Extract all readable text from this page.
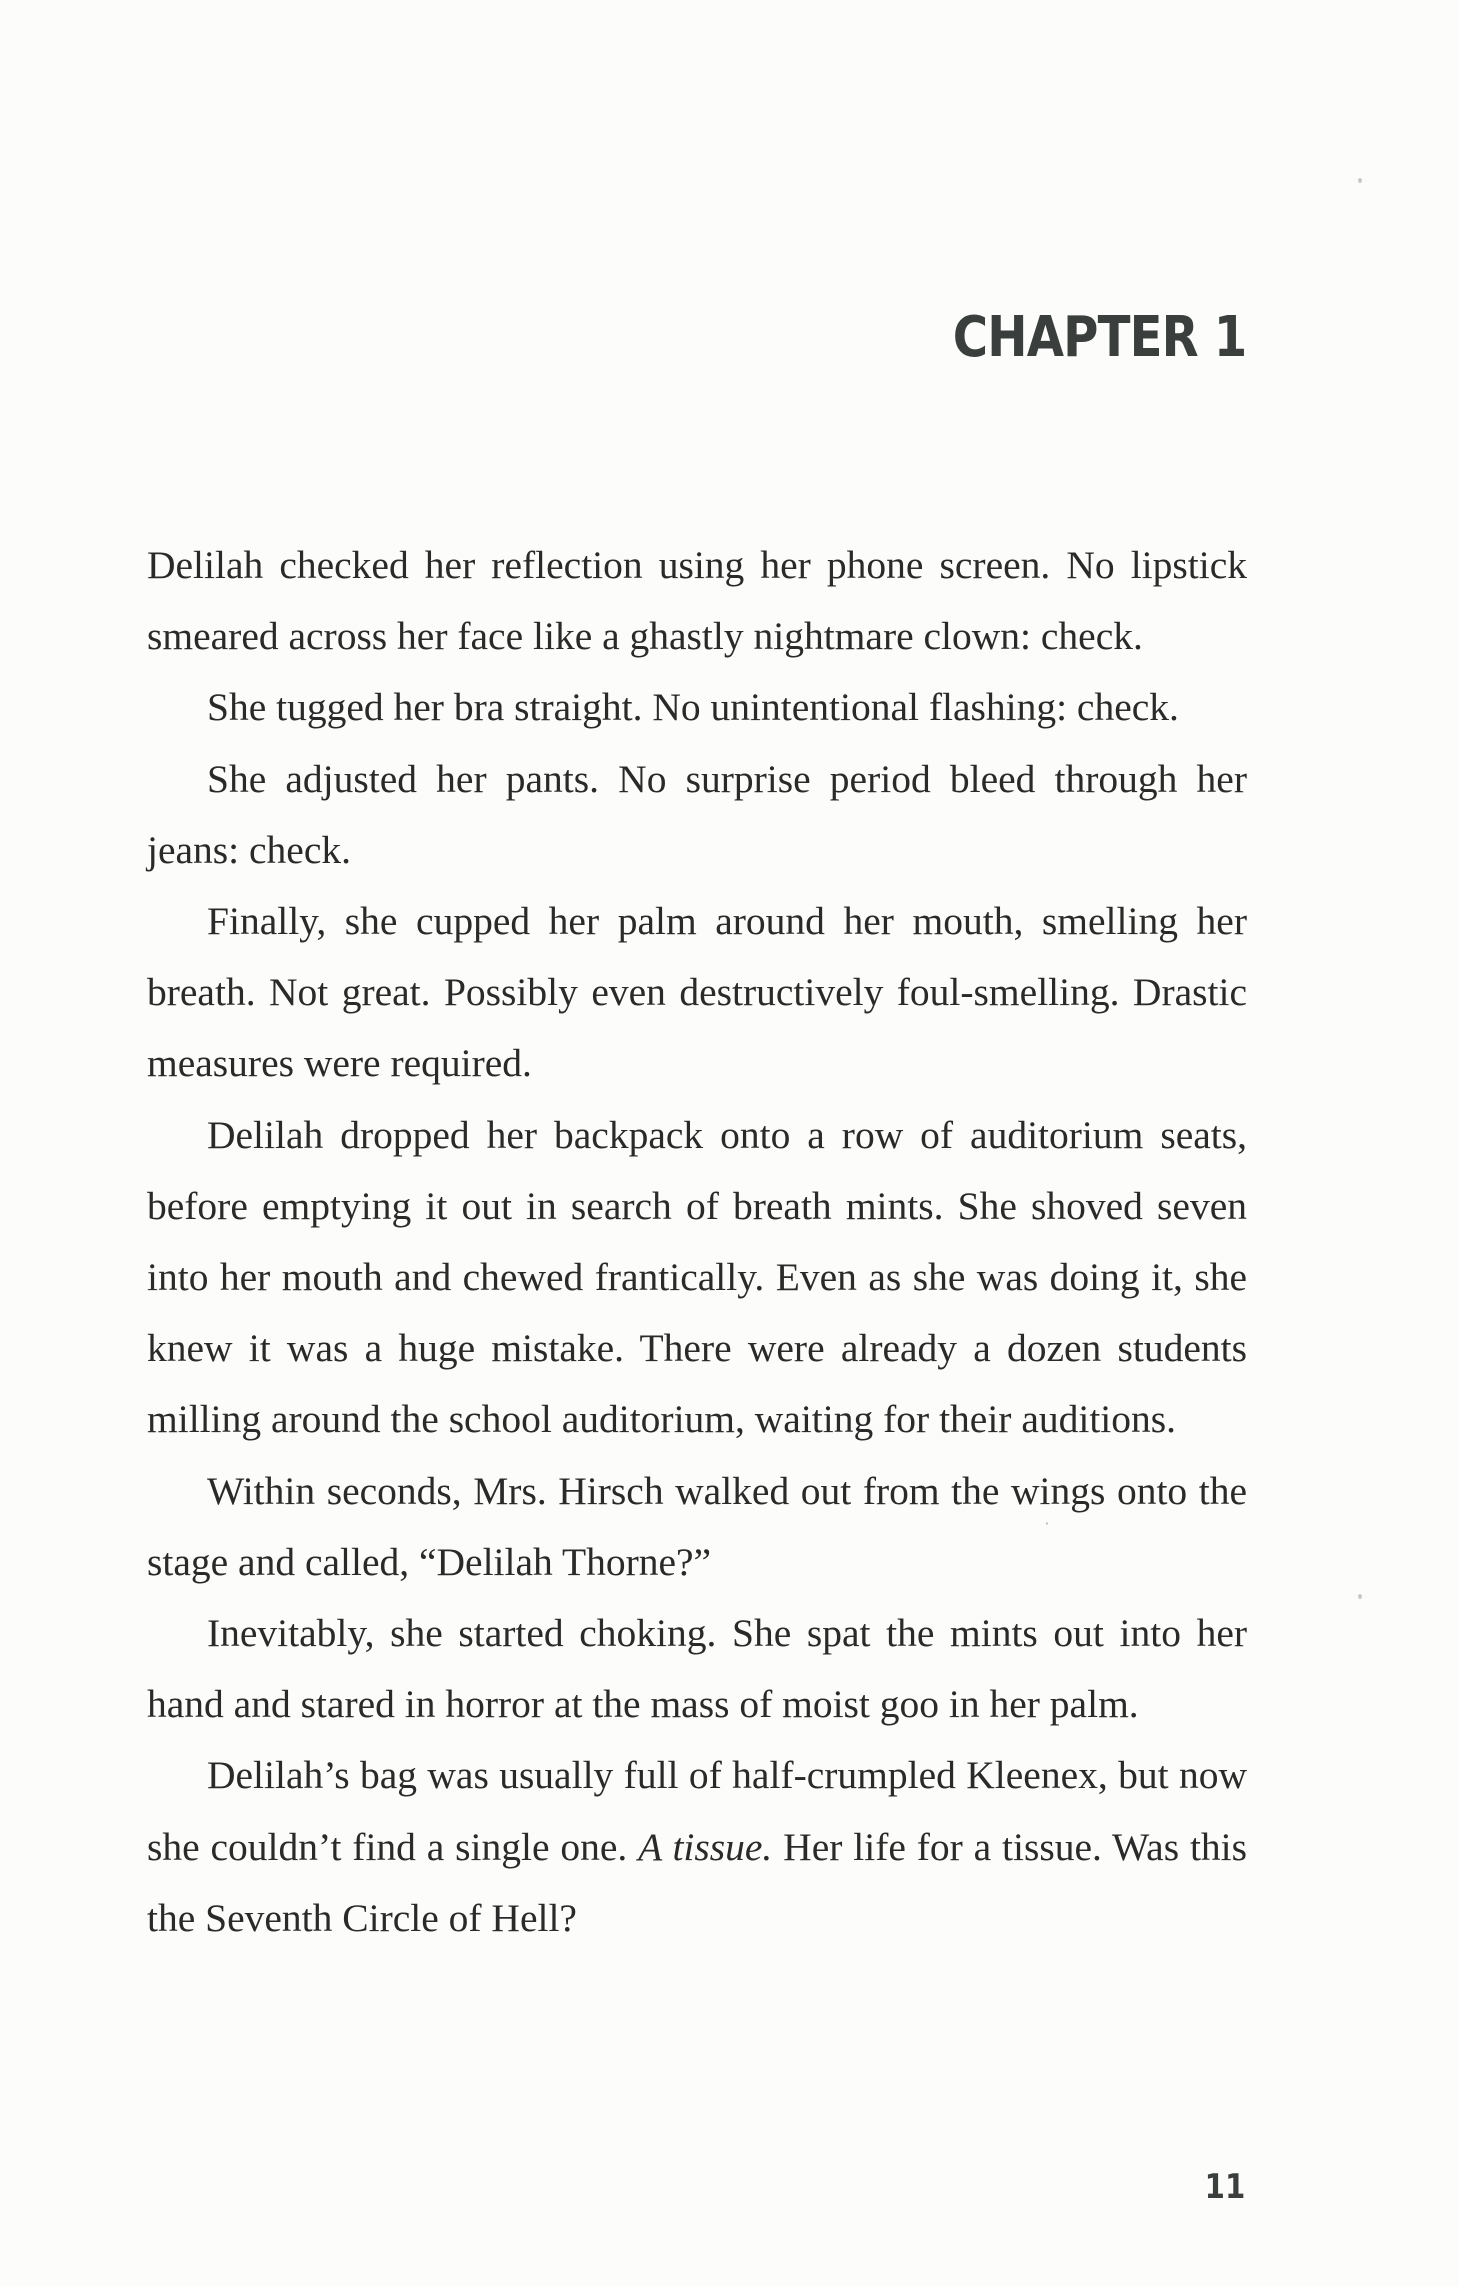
CHAPTER 1

Delilah checked her reflection using her phone screen. No lipstick smeared across her face like a ghastly nightmare clown: check.

She tugged her bra straight. No unintentional flashing: check.

She adjusted her pants. No surprise period bleed through her jeans: check.

Finally, she cupped her palm around her mouth, smelling her breath. Not great. Possibly even destructively foul-smelling. Drastic measures were required.

Delilah dropped her backpack onto a row of auditorium seats, before emptying it out in search of breath mints. She shoved seven into her mouth and chewed frantically. Even as she was doing it, she knew it was a huge mistake. There were already a dozen students milling around the school auditorium, waiting for their auditions.

Within seconds, Mrs. Hirsch walked out from the wings onto the stage and called, “Delilah Thorne?”

Inevitably, she started choking. She spat the mints out into her hand and stared in horror at the mass of moist goo in her palm.

Delilah’s bag was usually full of half-crumpled Kleenex, but now she couldn’t find a single one. A tissue. Her life for a tissue. Was this the Seventh Circle of Hell?

11
